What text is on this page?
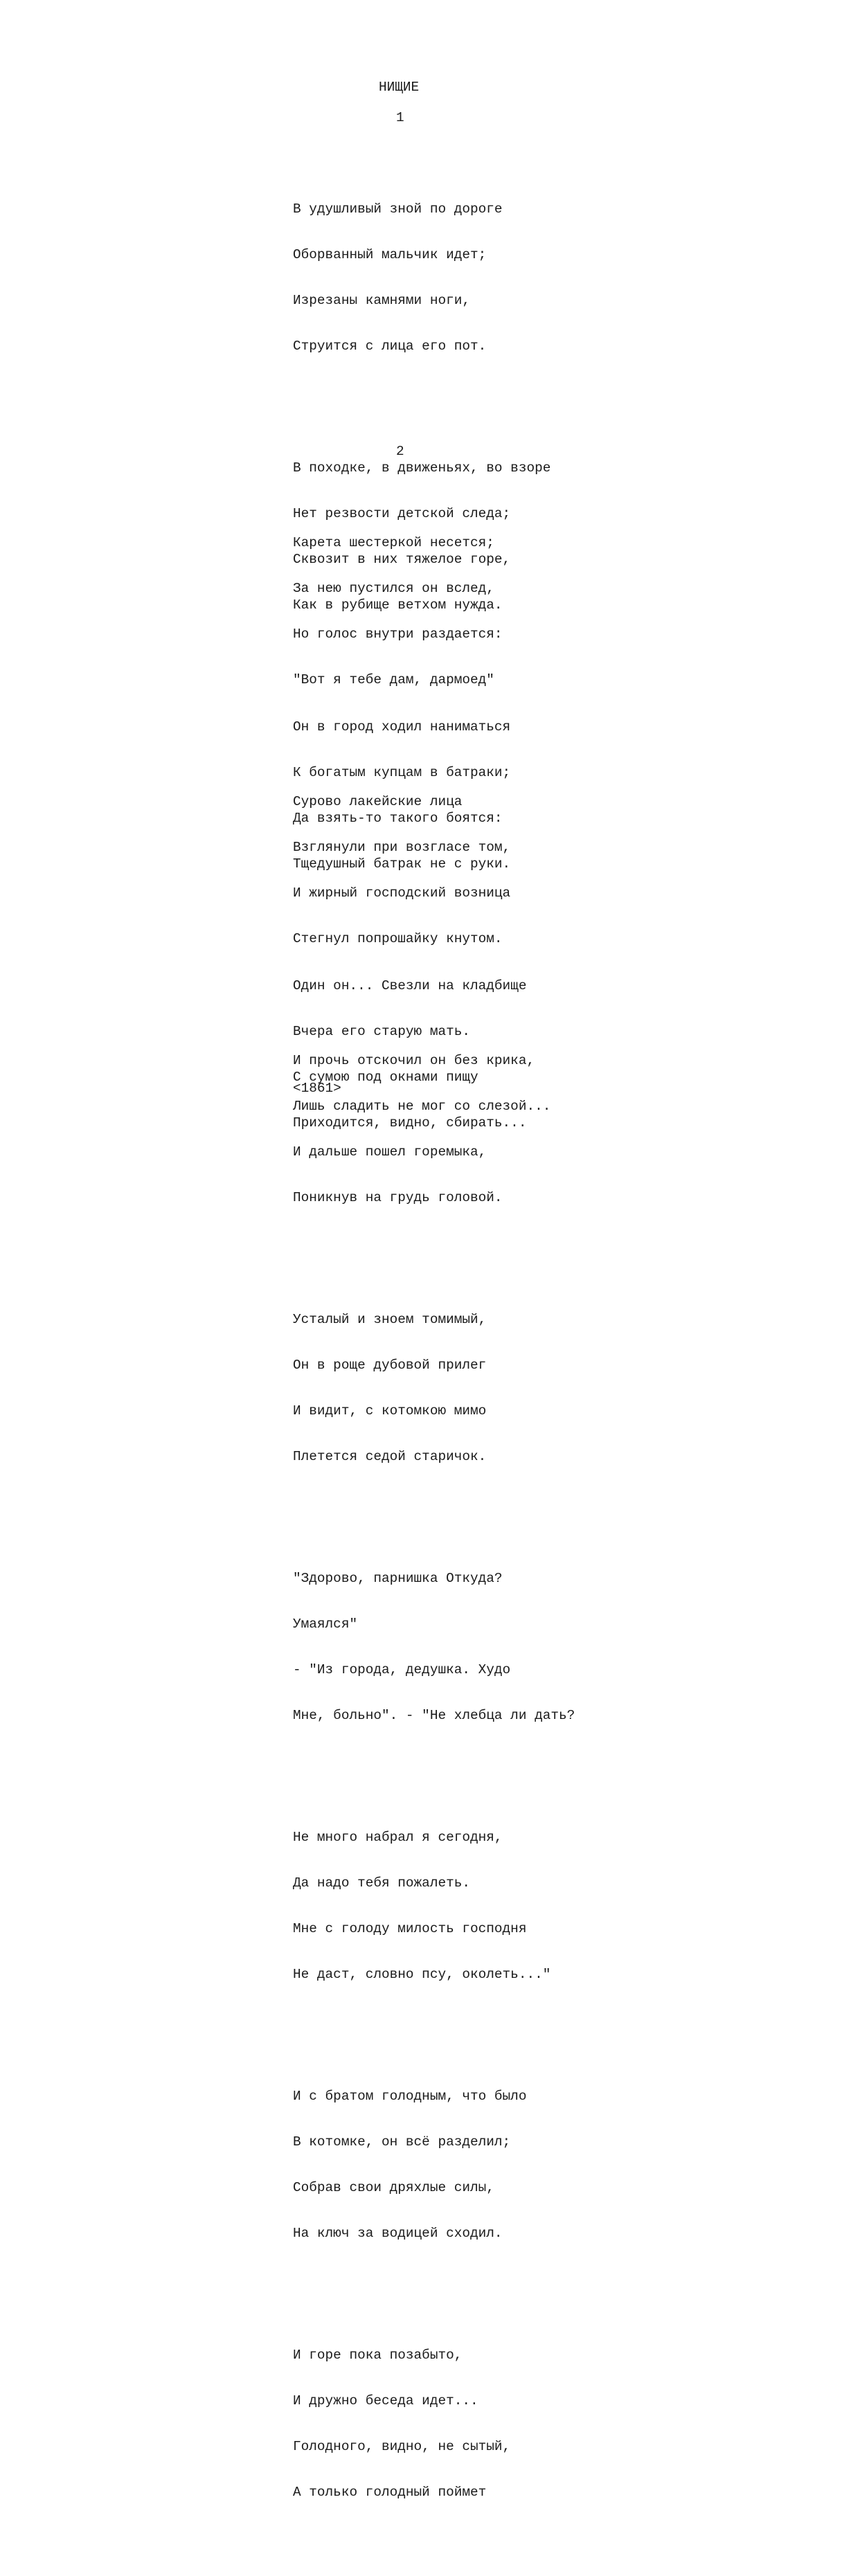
НИЩИЕ
1

В удушливый зной по дороге

Оборванный мальчик идет;

Изрезаны камнями ноги,

Струится с лица его пот.

В походке, в движеньях, во взоре

Нет резвости детской следа;

Сквозит в них тяжелое горе,

Как в рубище ветхом нужда.

Он в город ходил наниматься

К богатым купцам в батраки;

Да взять-то такого боятся:

Тщедушный батрак не с руки.

Один он... Свезли на кладбище

Вчера его старую мать.

С сумою под окнами пищу

Приходится, видно, сбирать...

2

Карета шестеркой несется;

За нею пустился он вслед,

Но голос внутри раздается:

"Вот я тебе дам, дармоед"

Сурово лакейские лица

Взглянули при возгласе том,

И жирный господский возница

Стегнул попрошайку кнутом.

И прочь отскочил он без крика,

Лишь сладить не мог со слезой...

И дальше пошел горемыка,

Поникнув на грудь головой.

Усталый и зноем томимый,

Он в роще дубовой прилег

И видит, с котомкою мимо

Плетется седой старичок.

"Здорово, парнишка Откуда?

Умаялся"

- "Из города, дедушка. Худо

Мне, больно". - "Не хлебца ли дать?

Не много набрал я сегодня,

Да надо тебя пожалеть.

Мне с голоду милость господня

Не даст, словно псу, околеть..."

И с братом голодным, что было

В котомке, он всё разделил;

Собрав свои дряхлые силы,

На ключ за водицей сходил.

И горе пока позабыто,

И дружно беседа идет...

Голодного, видно, не сытый,

А только голодный поймет

<1861>
